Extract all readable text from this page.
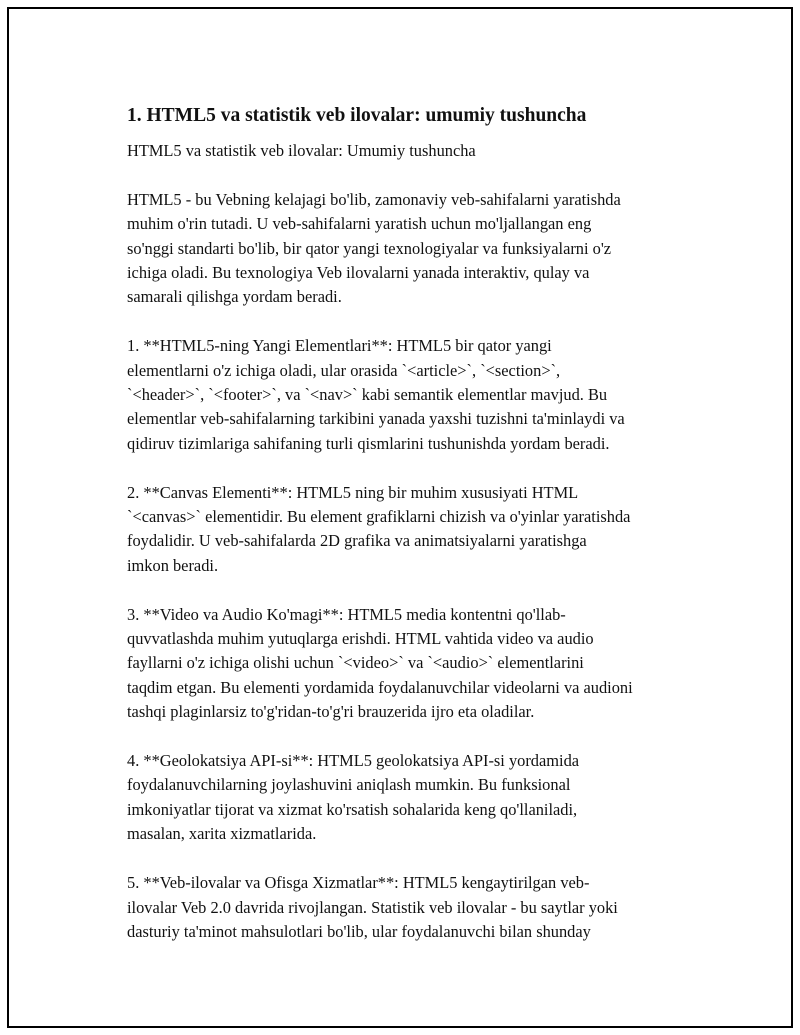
1. HTML5 va statistik veb ilovalar: umumiy tushuncha

HTML5 va statistik veb ilovalar: Umumiy tushuncha

HTML5 - bu Vebning kelajagi bo'lib, zamonaviy veb-sahifalarni yaratishda
muhim o'rin tutadi. U veb-sahifalarni yaratish uchun mo'ljallangan eng
so'nggi standarti bo'lib, bir qator yangi texnologiyalar va funksiyalarni o'z
ichiga oladi. Bu texnologiya Veb ilovalarni yanada interaktiv, qulay va
samarali qilishga yordam beradi.

1. **HTML5-ning Yangi Elementlari**: HTML5 bir qator yangi
elementlarni o'z ichiga oladi, ular orasida `<article>`, `<section>`,
`<header>`, `<footer>`, va `<nav>` kabi semantik elementlar mavjud. Bu
elementlar veb-sahifalarning tarkibini yanada yaxshi tuzishni ta'minlaydi va
qidiruv tizimlariga sahifaning turli qismlarini tushunishda yordam beradi.

2. **Canvas Elementi**: HTML5 ning bir muhim xususiyati HTML
`<canvas>` elementidir. Bu element grafiklarni chizish va o'yinlar yaratishda
foydalidir. U veb-sahifalarda 2D grafika va animatsiyalarni yaratishga
imkon beradi.

3. **Video va Audio Ko'magi**: HTML5 media kontentni qo'llab-
quvvatlashda muhim yutuqlarga erishdi. HTML vahtida video va audio
fayllarni o'z ichiga olishi uchun `<video>` va `<audio>` elementlarini
taqdim etgan. Bu elementi yordamida foydalanuvchilar videolarni va audioni
tashqi plaginlarsiz to'g'ridan-to'g'ri brauzerida ijro eta oladilar.

4. **Geolokatsiya API-si**: HTML5 geolokatsiya API-si yordamida
foydalanuvchilarning joylashuvini aniqlash mumkin. Bu funksional
imkoniyatlar tijorat va xizmat ko'rsatish sohalarida keng qo'llaniladi,
masalan, xarita xizmatlarida.

5. **Veb-ilovalar va Ofisga Xizmatlar**: HTML5 kengaytirilgan veb-
ilovalar Veb 2.0 davrida rivojlangan. Statistik veb ilovalar - bu saytlar yoki
dasturiy ta'minot mahsulotlari bo'lib, ular foydalanuvchi bilan shunday
